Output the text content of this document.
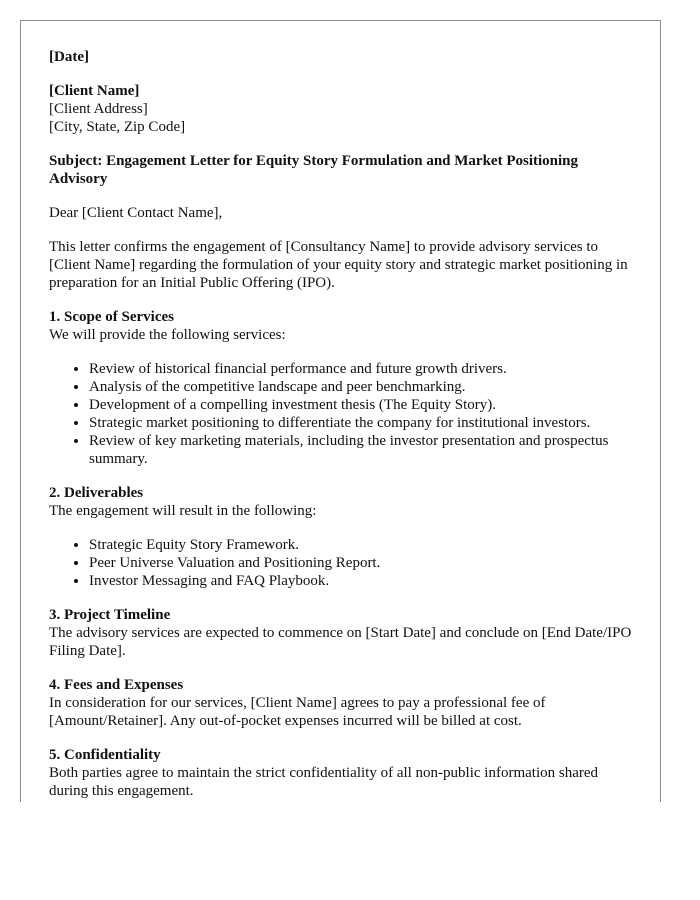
[Date]
[Client Name]
[Client Address]
[City, State, Zip Code]

Subject: Engagement Letter for Equity Story Formulation and Market Positioning Advisory

Dear [Client Contact Name],

This letter confirms the engagement of [Consultancy Name] to provide advisory services to [Client Name] regarding the formulation of your equity story and strategic market positioning in preparation for an Initial Public Offering (IPO).

1. Scope of Services

We will provide the following services:

• Review of historical financial performance and future growth drivers.
• Analysis of the competitive landscape and peer benchmarking.
• Development of a compelling investment thesis (The Equity Story).
• Strategic market positioning to differentiate the company for institutional investors.
• Review of key marketing materials, including the investor presentation and prospectus summary.
2. Deliverables

The engagement will result in the following:

• Strategic Equity Story Framework.
• Peer Universe Valuation and Positioning Report.
• Investor Messaging and FAQ Playbook.
3. Project Timeline

The advisory services are expected to commence on [Start Date] and conclude on [End Date/IPO Filing Date].

4. Fees and Expenses

In consideration for our services, [Client Name] agrees to pay a professional fee of [Amount/Retainer]. Any out-of-pocket expenses incurred will be billed at cost.

5. Confidentiality

Both parties agree to maintain the strict confidentiality of all non-public information shared during this engagement.
